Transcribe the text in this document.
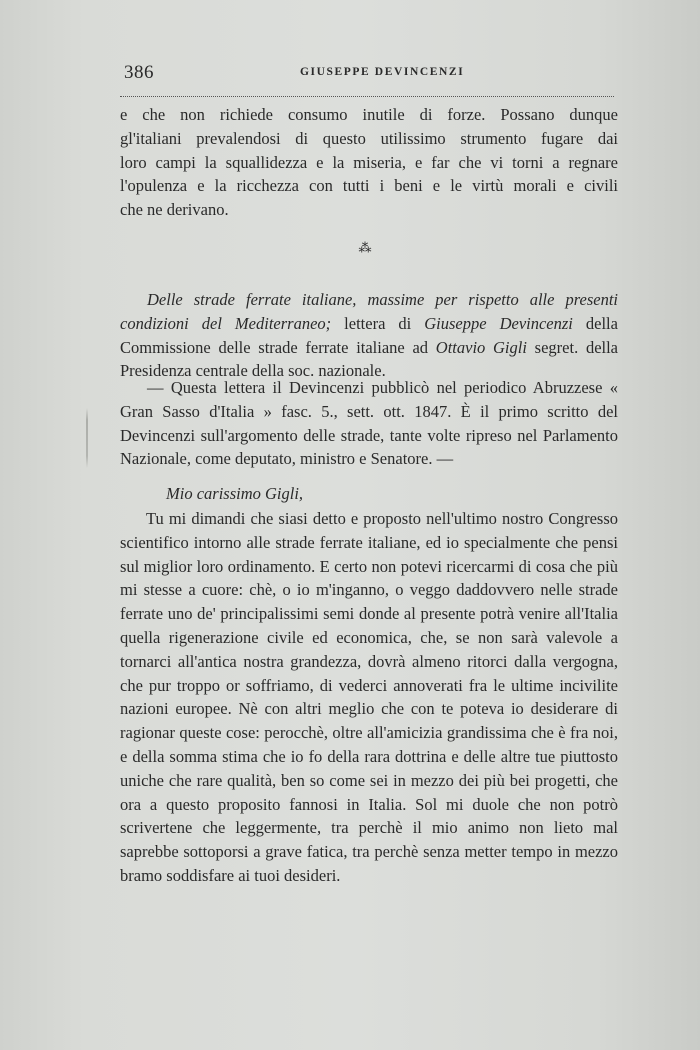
386	GIUSEPPE DEVINCENZI
e che non richiede consumo inutile di forze. Possano dunque
gl'italiani prevalendosi di questo utilissimo strumento fugare dai
loro campi la squallidezza e la miseria, e far che vi torni a regnare
l'opulenza e la ricchezza con tutti i beni e le virtù morali e civili
che ne derivano.
⁂

Delle strade ferrate italiane, massime per rispetto alle presenti condizioni del Mediterraneo; lettera di Giuseppe Devincenzi della Commissione delle strade ferrate italiane ad Ottavio Gigli segret. della Presidenza centrale della soc. nazionale.

— Questa lettera il Devincenzi pubblicò nel periodico Abruzzese « Gran Sasso d'Italia » fasc. 5., sett. ott. 1847. È il primo scritto del Devincenzi sull'argomento delle strade, tante volte ripreso nel Parlamento Nazionale, come deputato, ministro e Senatore. —

Mio carissimo Gigli,

Tu mi dimandi che siasi detto e proposto nell'ultimo nostro Congresso scientifico intorno alle strade ferrate italiane, ed io specialmente che pensi sul miglior loro ordinamento. E certo non potevi ricercarmi di cosa che più mi stesse a cuore: chè, o io m'inganno, o veggo daddovvero nelle strade ferrate uno de' principalissimi semi donde al presente potrà venire all'Italia quella rigenerazione civile ed economica, che, se non sarà valevole a tornarci all'antica nostra grandezza, dovrà almeno ritorci dalla vergogna, che pur troppo or soffriamo, di vederci annoverati fra le ultime incivilite nazioni europee. Nè con altri meglio che con te poteva io desiderare di ragionar queste cose: perocchè, oltre all'amicizia grandissima che è fra noi, e della somma stima che io fo della rara dottrina e delle altre tue piuttosto uniche che rare qualità, ben so come sei in mezzo dei più bei progetti, che ora a questo proposito fannosi in Italia. Sol mi duole che non potrò scrivertene che leggermente, tra perchè il mio animo non lieto mal saprebbe sottoporsi a grave fatica, tra perchè senza metter tempo in mezzo bramo soddisfare ai tuoi desideri.
